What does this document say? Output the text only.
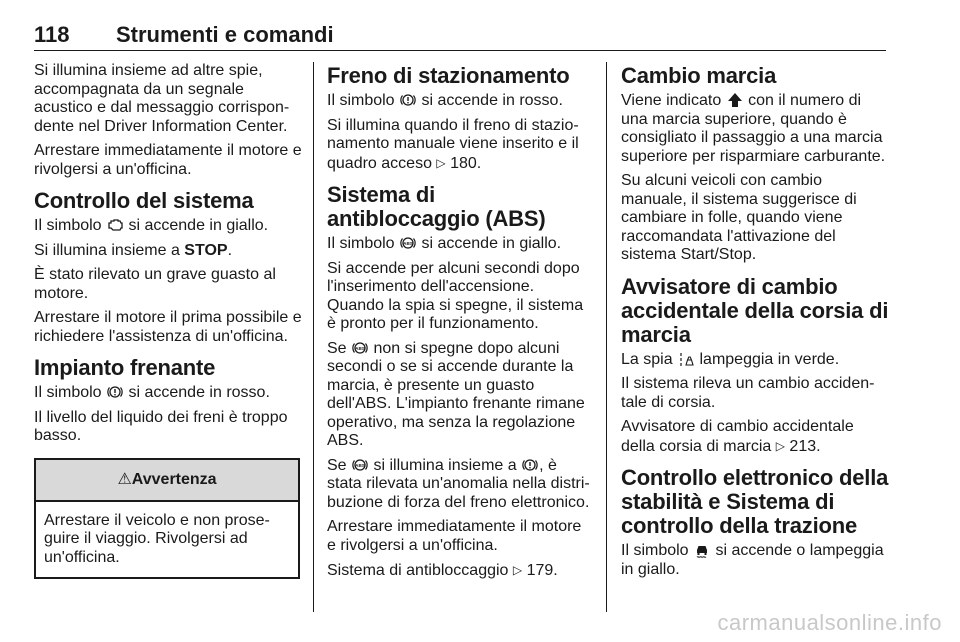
118 Strumenti e comandi

Si illumina insieme ad altre spie, accompagnata da un segnale acustico e dal messaggio corrispon-dente nel Driver Information Center.

Arrestare immediatamente il motore e rivolgersi a un'officina.

Controllo del sistema

Il simbolo si accende in giallo.

Si illumina insieme a STOP.

È stato rilevato un grave guasto al motore.

Arrestare il motore il prima possibile e richiedere l'assistenza di un'officina.

Impianto frenante

Il simbolo si accende in rosso.

Il livello del liquido dei freni è troppo basso.

⚠Avvertenza
Arrestare il veicolo e non prose-guire il viaggio. Rivolgersi ad un'officina.
Freno di stazionamento

Il simbolo si accende in rosso.

Si illumina quando il freno di stazio-namento manuale viene inserito e il quadro acceso ▷ 180.

Sistema di antibloccaggio (ABS)

Il simbolo ABS si accende in giallo.

Si accende per alcuni secondi dopo l'inserimento dell'accensione. Quando la spia si spegne, il sistema è pronto per il funzionamento.

Se ABS non si spegne dopo alcuni secondi o se si accende durante la marcia, è presente un guasto dell'ABS. L'impianto frenante rimane operativo, ma senza la regolazione ABS.

Se ABS si illumina insieme a , è stata rilevata un'anomalia nella distri-buzione di forza del freno elettronico.

Arrestare immediatamente il motore e rivolgersi a un'officina.

Sistema di antibloccaggio ▷ 179.

Cambio marcia

Viene indicato con il numero di una marcia superiore, quando è consigliato il passaggio a una marcia superiore per risparmiare carburante.

Su alcuni veicoli con cambio manuale, il sistema suggerisce di cambiare in folle, quando viene raccomandata l'attivazione del sistema Start/Stop.

Avvisatore di cambio accidentale della corsia di marcia

La spia lampeggia in verde.

Il sistema rileva un cambio acciden-tale di corsia.

Avvisatore di cambio accidentale della corsia di marcia ▷ 213.

Controllo elettronico della stabilità e Sistema di controllo della trazione

Il simbolo si accende o lampeggia in giallo.

carmanualsonline.info
